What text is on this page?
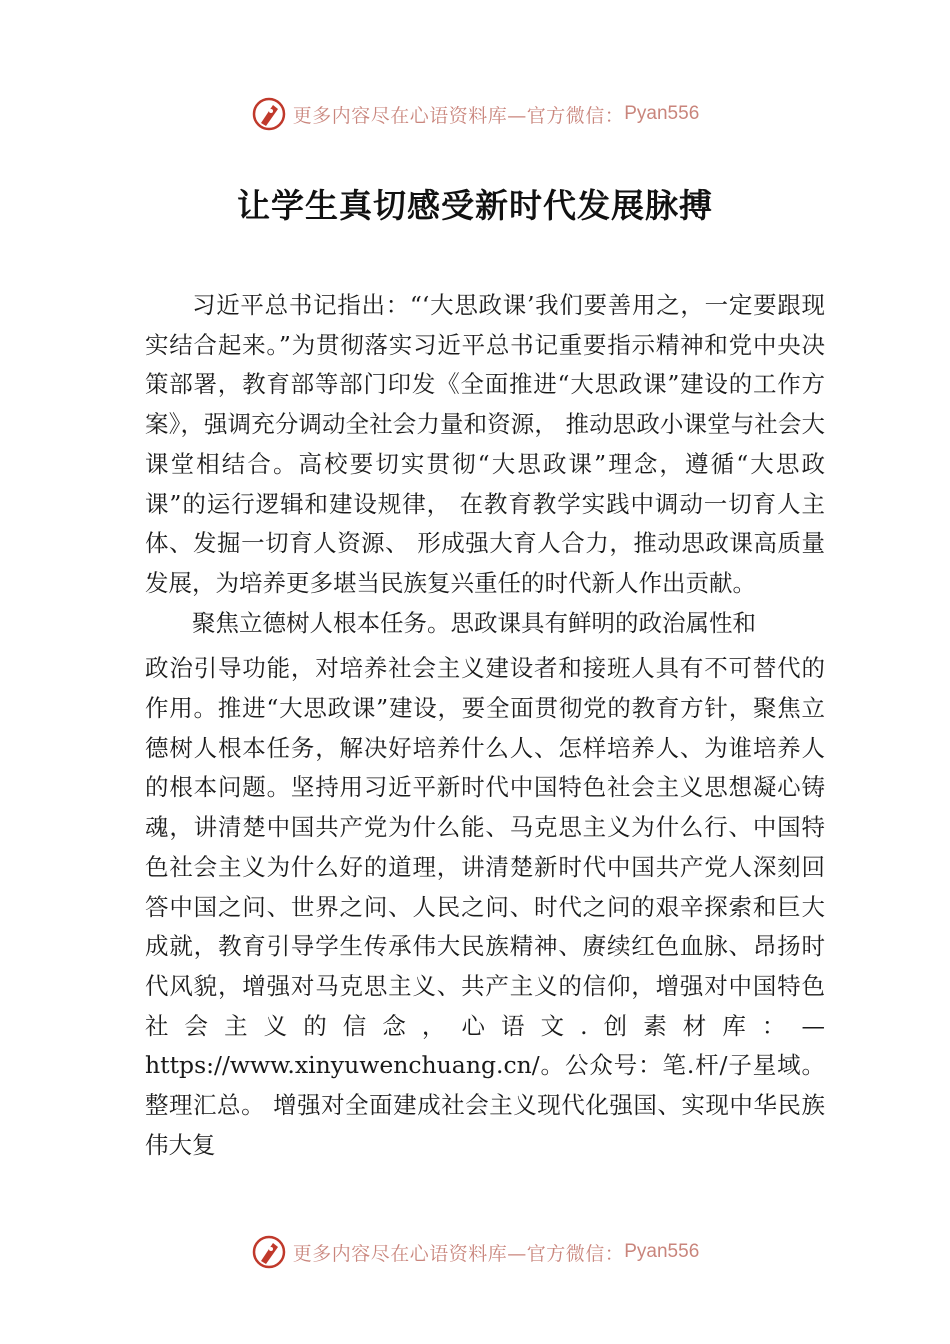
更多内容尽在心语资料库—官方微信： Pyan556
让学生真切感受新时代发展脉搏

习近平总书记指出：“‘大思政课’我们要善用之，一定要跟现实结合起来。”为贯彻落实习近平总书记重要指示精神和党中央决策部署，教育部等部门印发《全面推进“大思政课”建设的工作方案》，强调充分调动全社会力量和资源， 推动思政小课堂与社会大课堂相结合。高校要切实贯彻“大思政课”理念，遵循“大思政课”的运行逻辑和建设规律， 在教育教学实践中调动一切育人主体、发掘一切育人资源、 形成强大育人合力，推动思政课高质量发展，为培养更多堪当民族复兴重任的时代新人作出贡献。

聚焦立德树人根本任务。思政课具有鲜明的政治属性和
政治引导功能，对培养社会主义建设者和接班人具有不可替代的作用。推进“大思政课”建设，要全面贯彻党的教育方针，聚焦立德树人根本任务，解决好培养什么人、怎样培养人、为谁培养人的根本问题。坚持用习近平新时代中国特色社会主义思想凝心铸魂，讲清楚中国共产党为什么能、马克思主义为什么行、中国特色社会主义为什么好的道理，讲清楚新时代中国共产党人深刻回答中国之问、世界之问、人民之问、时代之问的艰辛探索和巨大成就，教育引导学生传承伟大民族精神、赓续红色血脉、昂扬时代风貌，增强对马克思主义、共产主义的信仰，增强对中国特色社会主义的信念，心语文.创素材库：—https://www.xinyuwenchuang.cn/。公众号：笔.杆/子星域。整理汇总。 增强对全面建成社会主义现代化强国、实现中华民族伟大复
更多内容尽在心语资料库—官方微信： Pyan556
